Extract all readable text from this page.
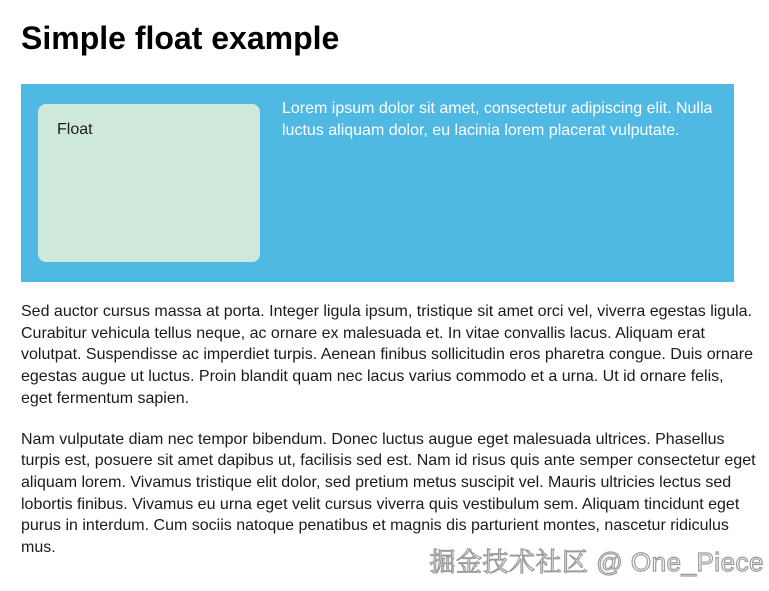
Simple float example
Float

Lorem ipsum dolor sit amet, consectetur adipiscing elit. Nulla luctus aliquam dolor, eu lacinia lorem placerat vulputate.

Sed auctor cursus massa at porta. Integer ligula ipsum, tristique sit amet orci vel, viverra egestas ligula. Curabitur vehicula tellus neque, ac ornare ex malesuada et. In vitae convallis lacus. Aliquam erat volutpat. Suspendisse ac imperdiet turpis. Aenean finibus sollicitudin eros pharetra congue. Duis ornare egestas augue ut luctus. Proin blandit quam nec lacus varius commodo et a urna. Ut id ornare felis, eget fermentum sapien.

Nam vulputate diam nec tempor bibendum. Donec luctus augue eget malesuada ultrices. Phasellus turpis est, posuere sit amet dapibus ut, facilisis sed est. Nam id risus quis ante semper consectetur eget aliquam lorem. Vivamus tristique elit dolor, sed pretium metus suscipit vel. Mauris ultricies lectus sed lobortis finibus. Vivamus eu urna eget velit cursus viverra quis vestibulum sem. Aliquam tincidunt eget purus in interdum. Cum sociis natoque penatibus et magnis dis parturient montes, nascetur ridiculus mus.	掘金技术社区 @ One_Piece
